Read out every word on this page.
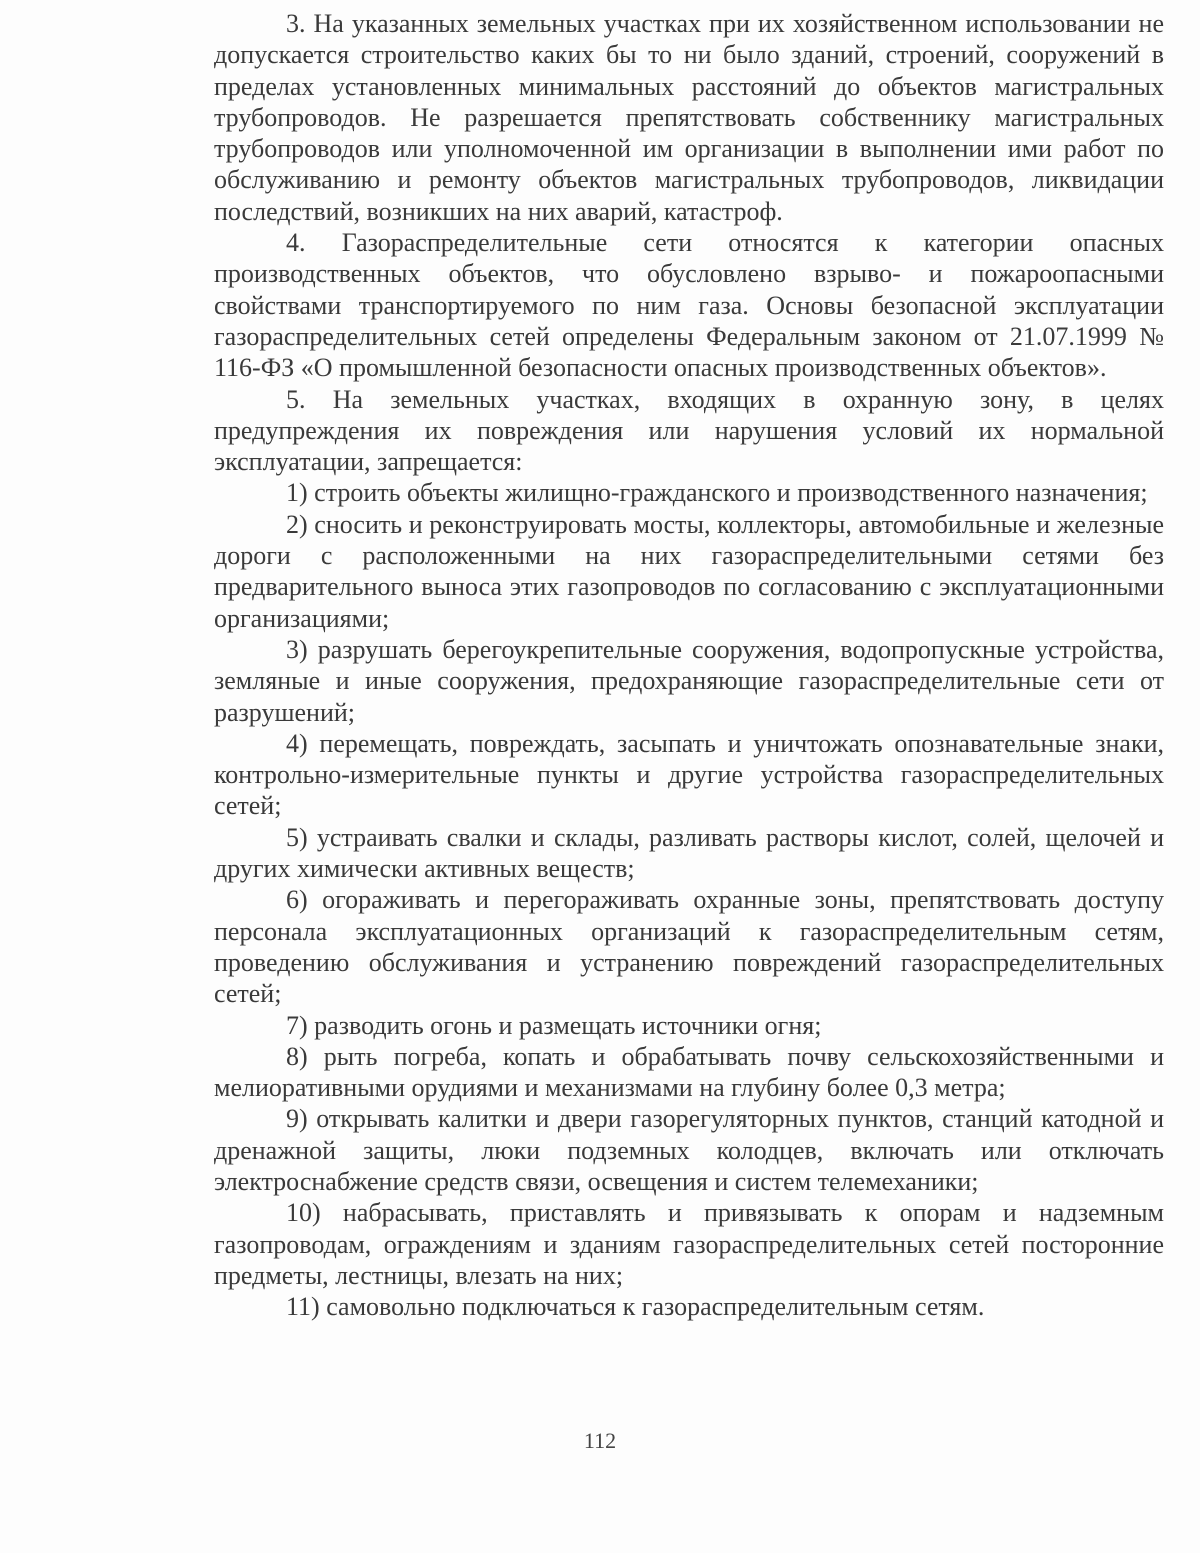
3. На указанных земельных участках при их хозяйственном использовании не допускается строительство каких бы то ни было зданий, строений, сооружений в пределах установленных минимальных расстояний до объектов магистральных трубопроводов. Не разрешается препятствовать собственнику магистральных трубопроводов или уполномоченной им организации в выполнении ими работ по обслуживанию и ремонту объектов магистральных трубопроводов, ликвидации последствий, возникших на них аварий, катастроф.

4. Газораспределительные сети относятся к категории опасных производственных объектов, что обусловлено взрыво- и пожароопасными свойствами транспортируемого по ним газа. Основы безопасной эксплуатации газораспределительных сетей определены Федеральным законом от 21.07.1999 № 116-ФЗ «О промышленной безопасности опасных производственных объектов».

5. На земельных участках, входящих в охранную зону, в целях предупреждения их повреждения или нарушения условий их нормальной эксплуатации, запрещается:

1) строить объекты жилищно-гражданского и производственного назначения;

2) сносить и реконструировать мосты, коллекторы, автомобильные и железные дороги с расположенными на них газораспределительными сетями без предварительного выноса этих газопроводов по согласованию с эксплуатационными организациями;

3) разрушать берегоукрепительные сооружения, водопропускные устройства, земляные и иные сооружения, предохраняющие газораспределительные сети от разрушений;

4) перемещать, повреждать, засыпать и уничтожать опознавательные знаки, контрольно-измерительные пункты и другие устройства газораспределительных сетей;

5) устраивать свалки и склады, разливать растворы кислот, солей, щелочей и других химически активных веществ;

6) огораживать и перегораживать охранные зоны, препятствовать доступу персонала эксплуатационных организаций к газораспределительным сетям, проведению обслуживания и устранению повреждений газораспределительных сетей;

7) разводить огонь и размещать источники огня;

8) рыть погреба, копать и обрабатывать почву сельскохозяйственными и мелиоративными орудиями и механизмами на глубину более 0,3 метра;

9) открывать калитки и двери газорегуляторных пунктов, станций катодной и дренажной защиты, люки подземных колодцев, включать или отключать электроснабжение средств связи, освещения и систем телемеханики;

10) набрасывать, приставлять и привязывать к опорам и надземным газопроводам, ограждениям и зданиям газораспределительных сетей посторонние предметы, лестницы, влезать на них;

11) самовольно подключаться к газораспределительным сетям.

112
